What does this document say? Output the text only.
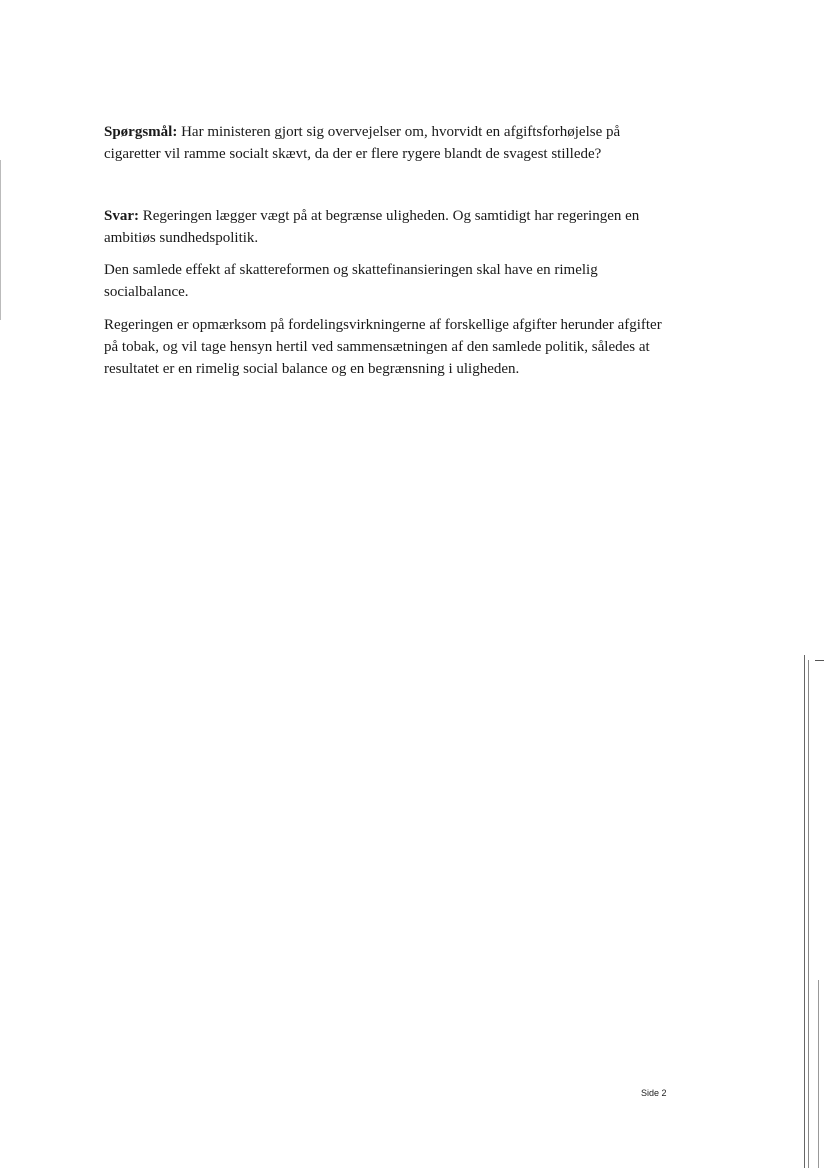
Spørgsmål: Har ministeren gjort sig overvejelser om, hvorvidt en afgiftsforhøjelse på cigaretter vil ramme socialt skævt, da der er flere rygere blandt de svagest stillede?

Svar: Regeringen lægger vægt på at begrænse uligheden. Og samtidigt har regeringen en ambitiøs sundhedspolitik.

Den samlede effekt af skattereformen og skattefinansieringen skal have en rimelig socialbalance.

Regeringen er opmærksom på fordelingsvirkningerne af forskellige afgifter herunder afgifter på tobak, og vil tage hensyn hertil ved sammensætningen af den samlede politik, således at resultatet er en rimelig social balance og en begrænsning i uligheden.

Side 2
